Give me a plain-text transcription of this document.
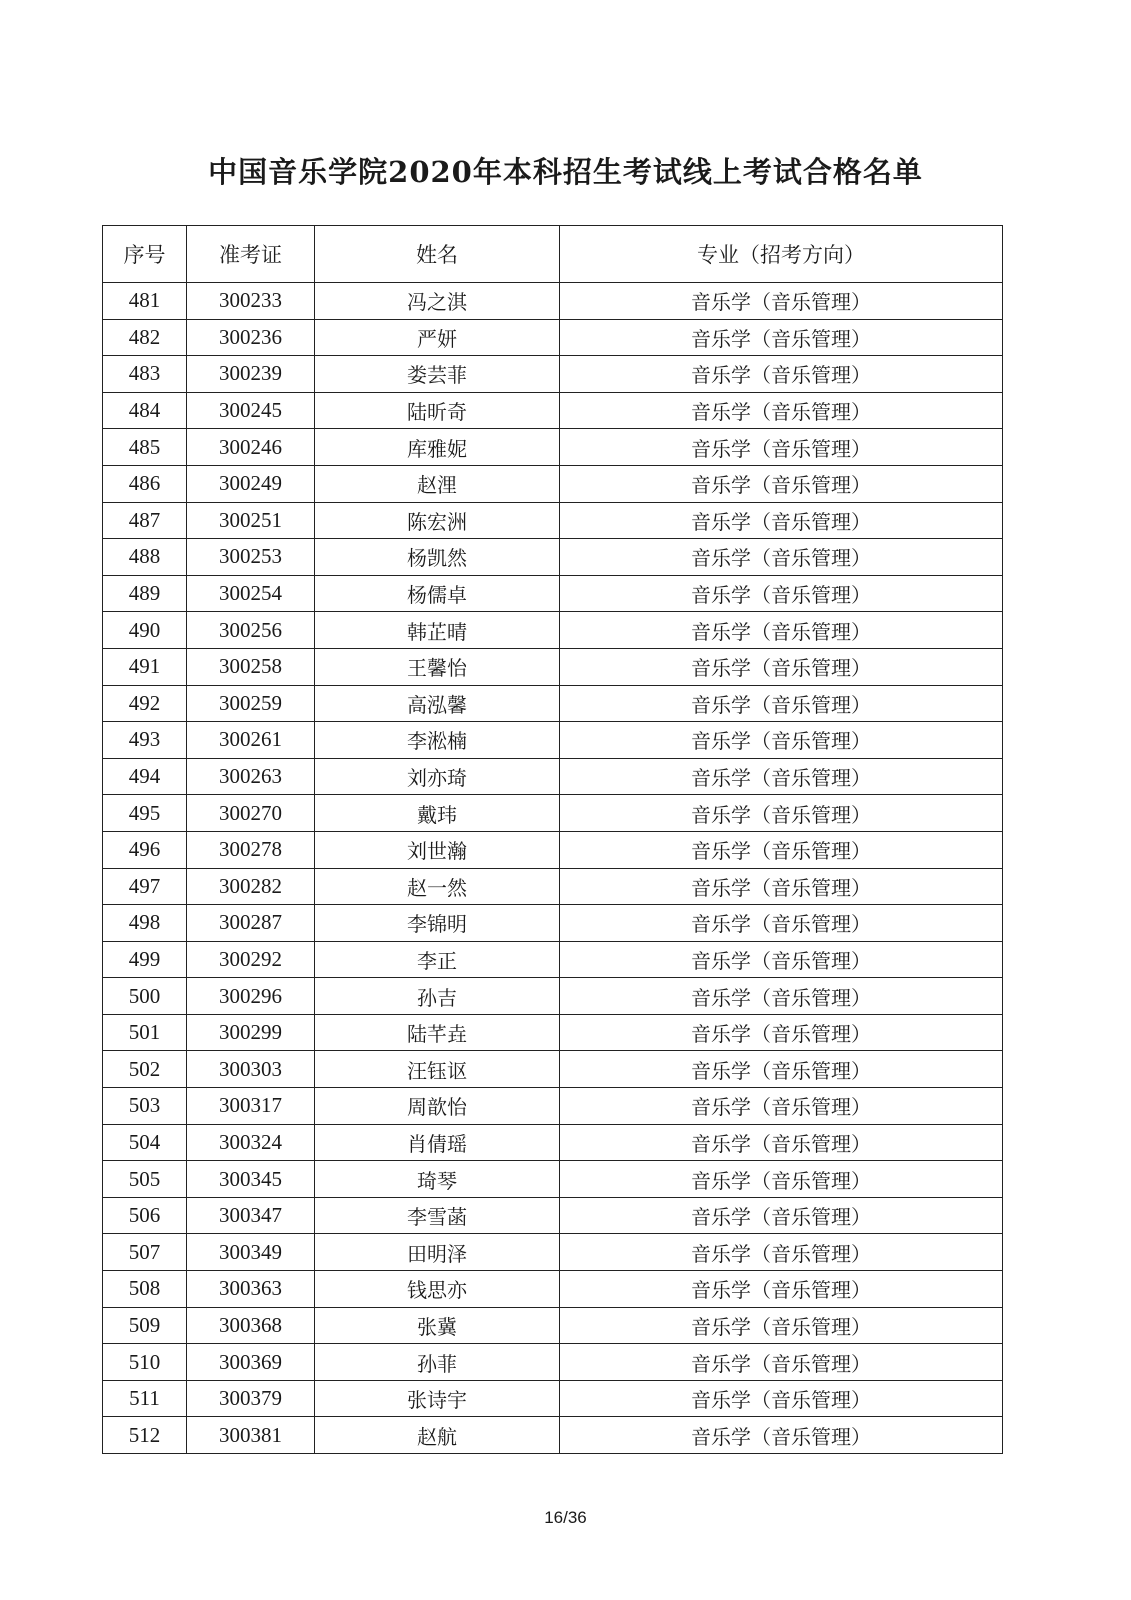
中国音乐学院2020年本科招生考试线上考试合格名单
序号	准考证	姓名	专业（招考方向）
481	300233	冯之淇	音乐学（音乐管理）
482	300236	严妍	音乐学（音乐管理）
483	300239	娄芸菲	音乐学（音乐管理）
484	300245	陆昕奇	音乐学（音乐管理）
485	300246	库雅妮	音乐学（音乐管理）
486	300249	赵浬	音乐学（音乐管理）
487	300251	陈宏洲	音乐学（音乐管理）
488	300253	杨凯然	音乐学（音乐管理）
489	300254	杨儒卓	音乐学（音乐管理）
490	300256	韩芷晴	音乐学（音乐管理）
491	300258	王馨怡	音乐学（音乐管理）
492	300259	高泓馨	音乐学（音乐管理）
493	300261	李淞楠	音乐学（音乐管理）
494	300263	刘亦琦	音乐学（音乐管理）
495	300270	戴玮	音乐学（音乐管理）
496	300278	刘世瀚	音乐学（音乐管理）
497	300282	赵一然	音乐学（音乐管理）
498	300287	李锦明	音乐学（音乐管理）
499	300292	李正	音乐学（音乐管理）
500	300296	孙吉	音乐学（音乐管理）
501	300299	陆芊垚	音乐学（音乐管理）
502	300303	汪钰讴	音乐学（音乐管理）
503	300317	周歆怡	音乐学（音乐管理）
504	300324	肖倩瑶	音乐学（音乐管理）
505	300345	琦琴	音乐学（音乐管理）
506	300347	李雪菡	音乐学（音乐管理）
507	300349	田明泽	音乐学（音乐管理）
508	300363	钱思亦	音乐学（音乐管理）
509	300368	张冀	音乐学（音乐管理）
510	300369	孙菲	音乐学（音乐管理）
511	300379	张诗宇	音乐学（音乐管理）
512	300381	赵航	音乐学（音乐管理）
16/36
